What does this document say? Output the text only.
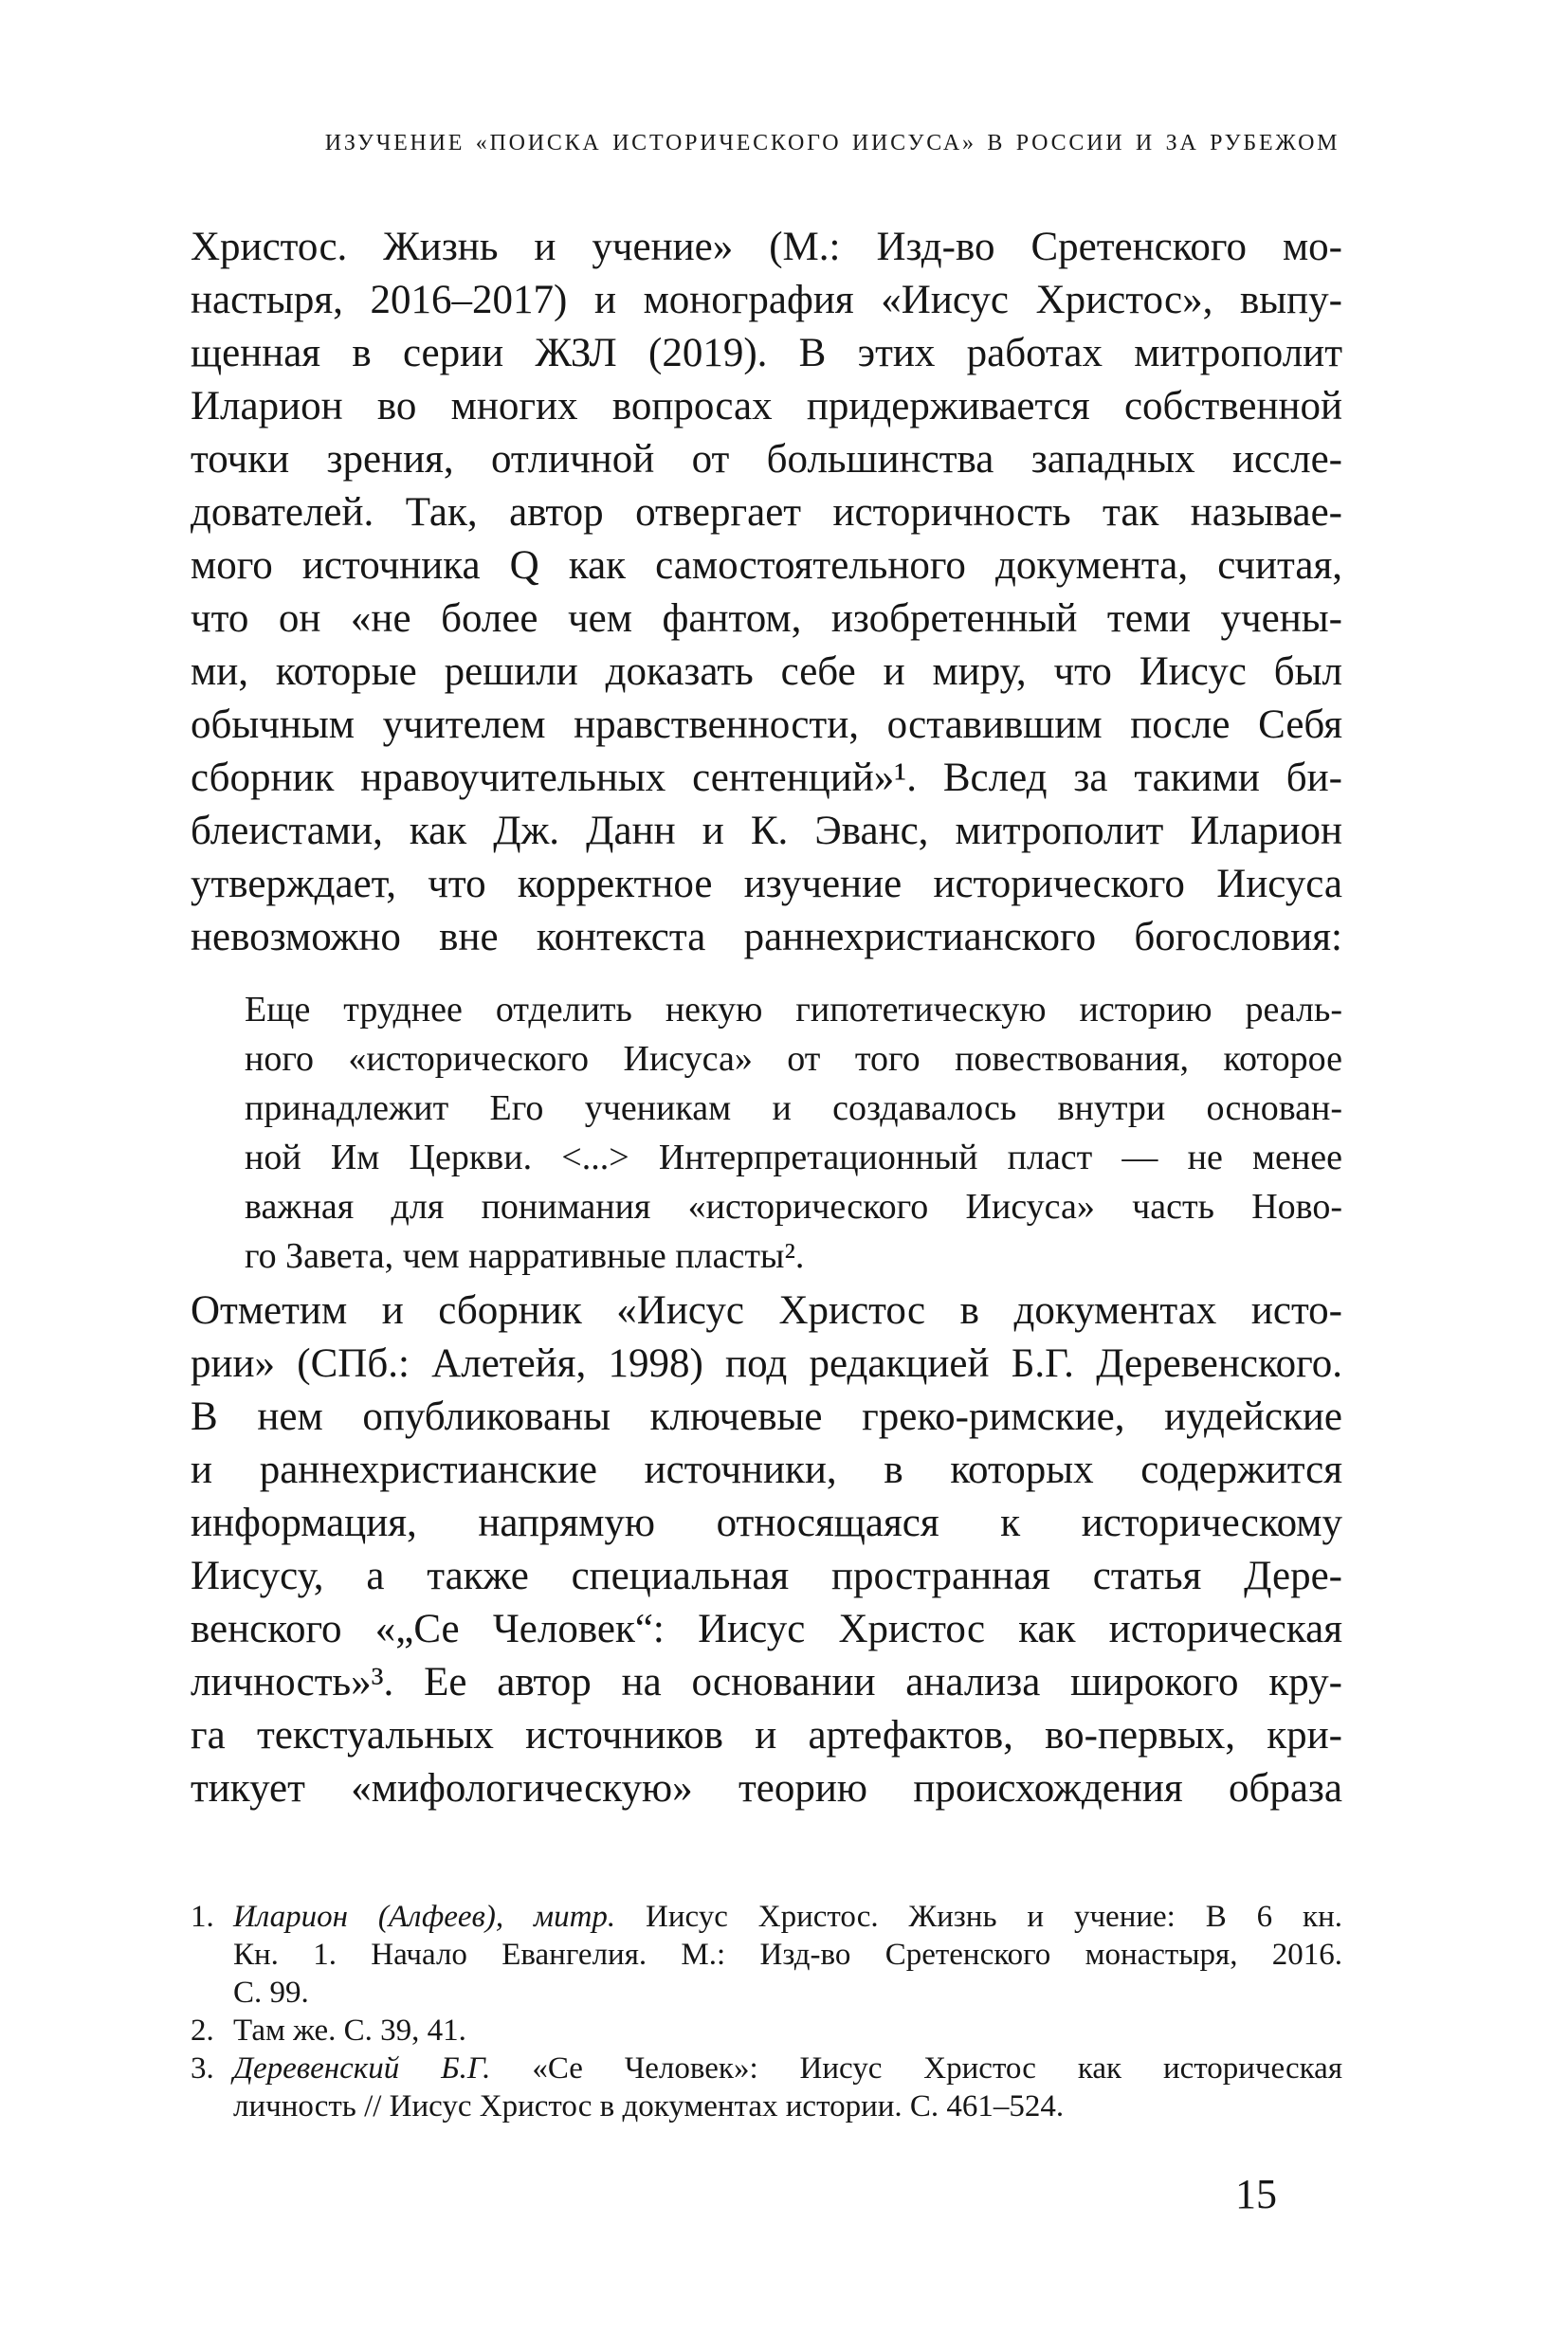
ИЗУЧЕНИЕ «ПОИСКА ИСТОРИЧЕСКОГО ИИСУСА» В РОССИИ И ЗА РУБЕЖОМ
Христос. Жизнь и учение» (М.: Изд-во Сретенского мо-
настыря, 2016–2017) и монография «Иисус Христос», выпу-
щенная в серии ЖЗЛ (2019). В этих работах митрополит
Иларион во многих вопросах придерживается собственной
точки зрения, отличной от большинства западных иссле-
дователей. Так, автор отвергает историчность так называе-
мого источника Q как самостоятельного документа, считая,
что он «не более чем фантом, изобретенный теми учены-
ми, которые решили доказать себе и миру, что Иисус был
обычным учителем нравственности, оставившим после Себя
сборник нравоучительных сентенций»¹. Вслед за такими би-
блеистами, как Дж. Данн и К. Эванс, митрополит Иларион
утверждает, что корректное изучение исторического Иисуса
невозможно вне контекста раннехристианского богословия:
Еще труднее отделить некую гипотетическую историю реаль-
ного «исторического Иисуса» от того повествования, которое
принадлежит Его ученикам и создавалось внутри основан-
ной Им Церкви. <...> Интерпретационный пласт — не менее
важная для понимания «исторического Иисуса» часть Ново-
го Завета, чем нарративные пласты².
Отметим и сборник «Иисус Христос в документах исто-
рии» (СПб.: Алетейя, 1998) под редакцией Б.Г. Деревенского.
В нем опубликованы ключевые греко-римские, иудейские
и раннехристианские источники, в которых содержится
информация, напрямую относящаяся к историческому
Иисусу, а также специальная пространная статья Дере-
венского «„Се Человек“: Иисус Христос как историческая
личность»³. Ее автор на основании анализа широкого кру-
га текстуальных источников и артефактов, во-первых, кри-
тикует «мифологическую» теорию происхождения образа
1. Иларион (Алфеев), митр. Иисус Христос. Жизнь и учение: В 6 кн.
Кн. 1. Начало Евангелия. М.: Изд-во Сретенского монастыря, 2016.
С. 99.
2. Там же. С. 39, 41.
3. Деревенский Б.Г. «Се Человек»: Иисус Христос как историческая
личность // Иисус Христос в документах истории. С. 461–524.
15
